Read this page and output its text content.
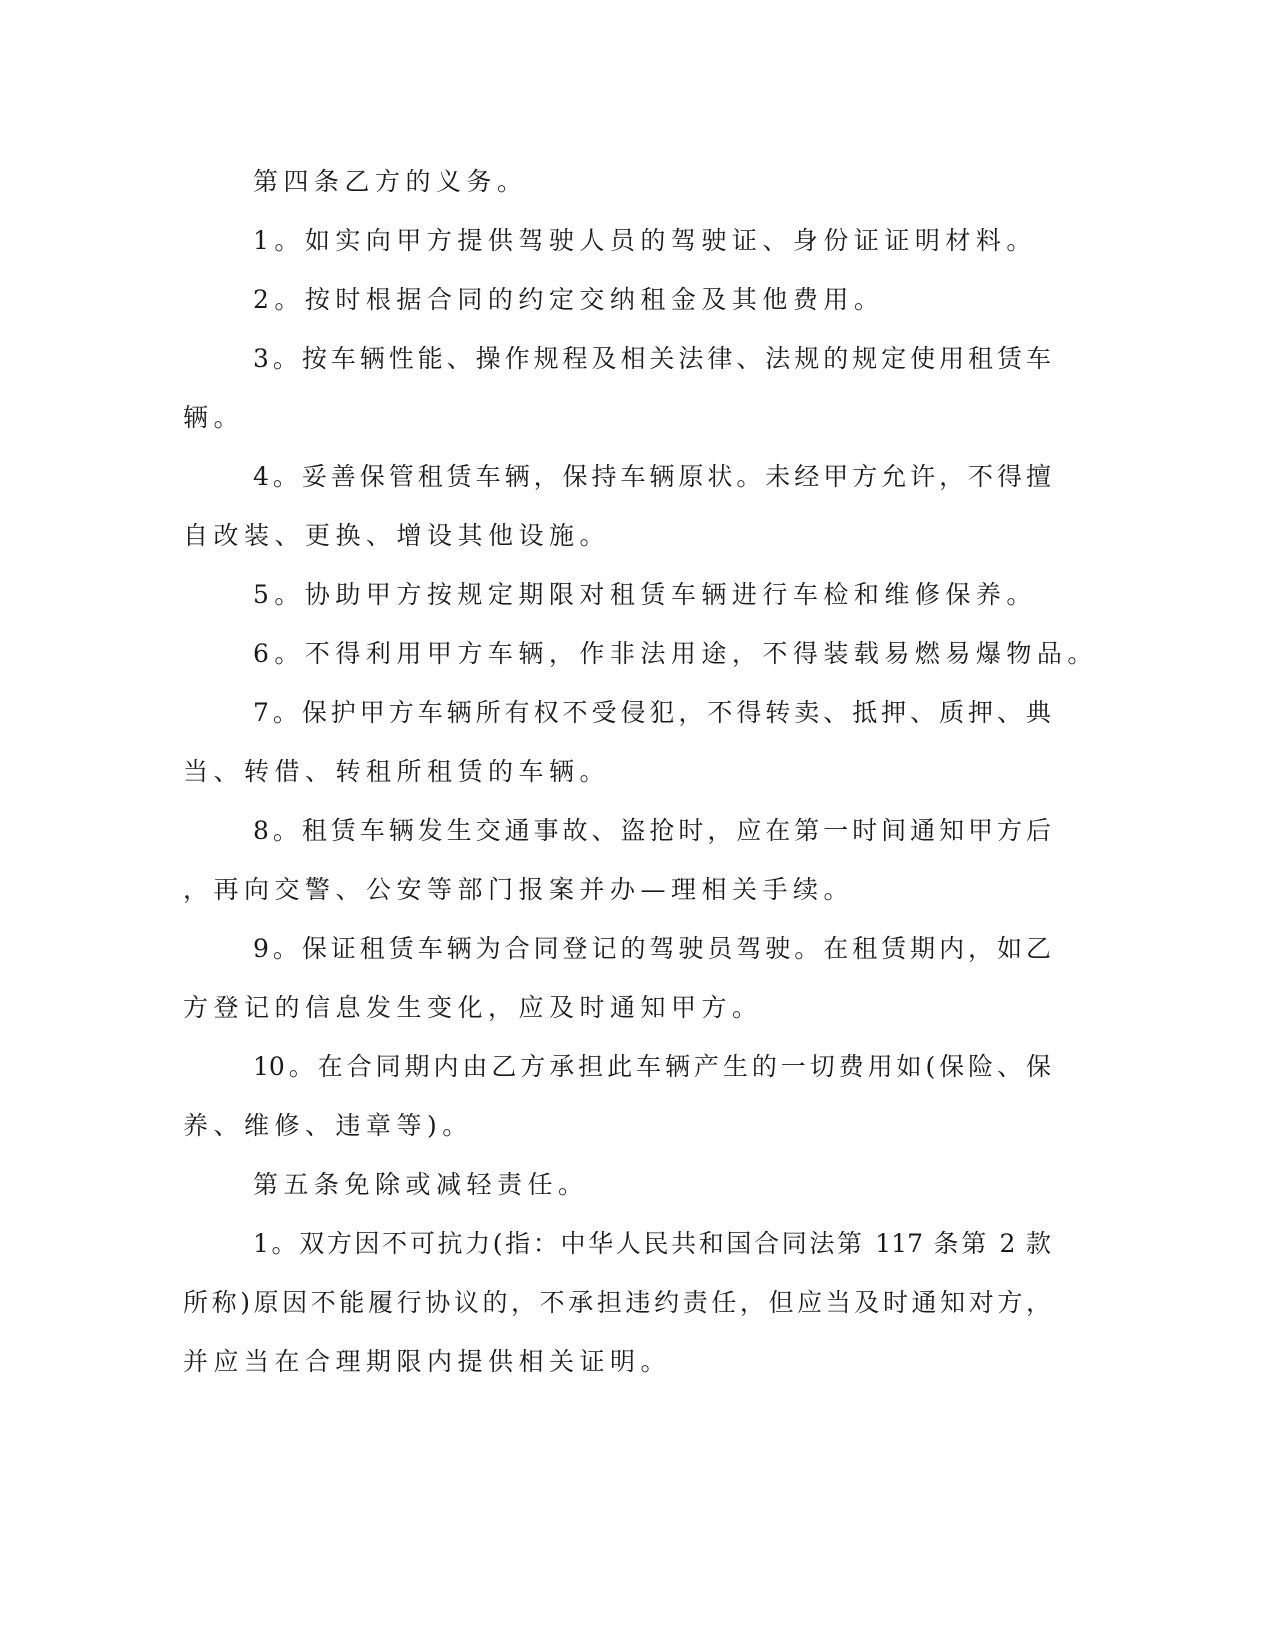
第四条乙方的义务。

1。如实向甲方提供驾驶人员的驾驶证、身份证证明材料。

2。按时根据合同的约定交纳租金及其他费用。

3。按车辆性能、操作规程及相关法律、法规的规定使用租赁车

辆。

4。妥善保管租赁车辆，保持车辆原状。未经甲方允许，不得擅

自改装、更换、增设其他设施。

5。协助甲方按规定期限对租赁车辆进行车检和维修保养。

6。不得利用甲方车辆，作非法用途，不得装载易燃易爆物品。

7。保护甲方车辆所有权不受侵犯，不得转卖、抵押、质押、典

当、转借、转租所租赁的车辆。

8。租赁车辆发生交通事故、盗抢时，应在第一时间通知甲方后

，再向交警、公安等部门报案并办—理相关手续。

9。保证租赁车辆为合同登记的驾驶员驾驶。在租赁期内，如乙

方登记的信息发生变化，应及时通知甲方。

10。在合同期内由乙方承担此车辆产生的一切费用如(保险、保

养、维修、违章等)。

第五条免除或减轻责任。

1。双方因不可抗力(指：中华人民共和国合同法第 117 条第 2 款

所称)原因不能履行协议的，不承担违约责任，但应当及时通知对方，

并应当在合理期限内提供相关证明。
